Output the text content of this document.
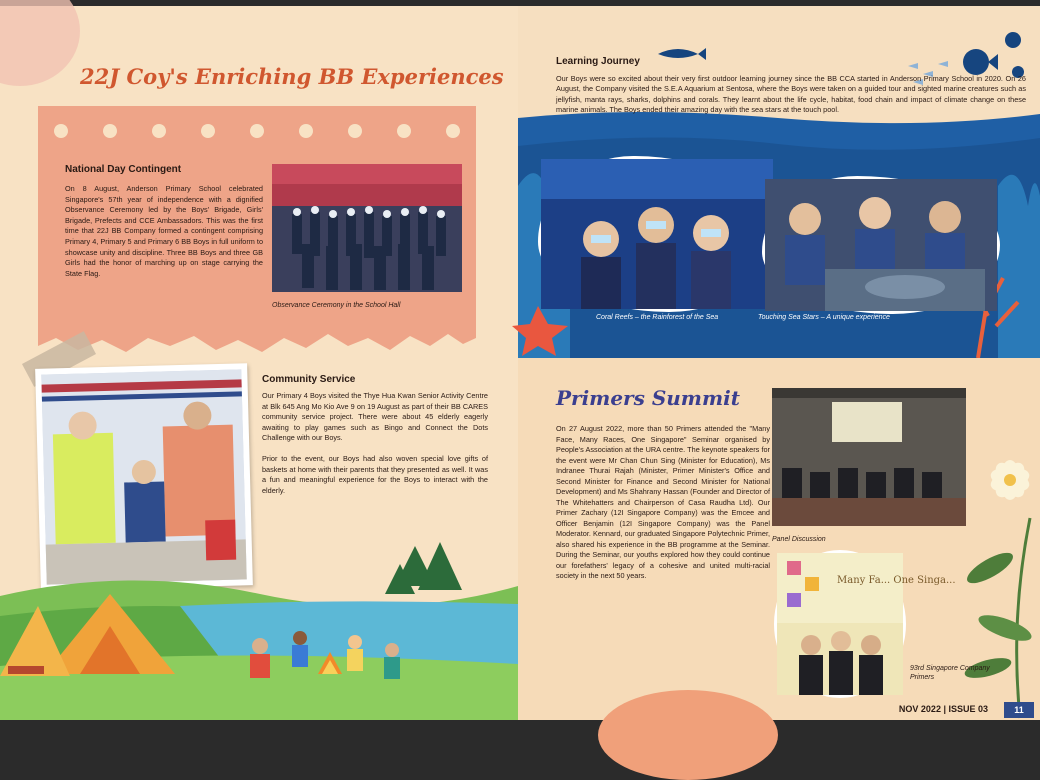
22J Coy's Enriching BB Experiences
National Day Contingent
On 8 August, Anderson Primary School celebrated Singapore's 57th year of independence with a dignified Observance Ceremony led by the Boys' Brigade, Girls' Brigade, Prefects and CCE Ambassadors. This was the first time that 22J BB Company formed a contingent comprising Primary 4, Primary 5 and Primary 6 BB Boys in full uniform to showcase unity and discipline. Three BB Boys and three GB Girls had the honor of marching up on stage carrying the State Flag.
Observance Ceremony in the School Hall
Community Service

Our Primary 4 Boys visited the Thye Hua Kwan Senior Activity Centre at Blk 645 Ang Mo Kio Ave 9 on 19 August as part of their BB CARES community service project. There were about 45 elderly eagerly awaiting to play games such as Bingo and Connect the Dots Challenge with our Boys.

Prior to the event, our Boys had also woven special love gifts of baskets at home with their parents that they presented as well. It was a fun and meaningful experience for the Boys to interact with the elderly.

Learning Journey
Our Boys were so excited about their very first outdoor learning journey since the BB CCA started in Anderson Primary School in 2020. On 26 August, the Company visited the S.E.A Aquarium at Sentosa, where the Boys were taken on a guided tour and sighted marine creatures such as jellyfish, manta rays, sharks, dolphins and corals. They learnt about the life cycle, habitat, food chain and impact of climate change on these marine animals. The Boys ended their amazing day with the sea stars at the touch pool.
Coral Reefs – the Rainforest of the Sea	Touching Sea Stars – A unique experience
Primers Summit
On 27 August 2022, more than 50 Primers attended the "Many Face, Many Races, One Singapore" Seminar organised by People's Association at the URA centre. The keynote speakers for the event were Mr Chan Chun Sing (Minister for Education), Ms Indranee Thurai Rajah (Minister, Primer Minister's Office and Second Minister for Finance and Second Minister for National Development) and Ms Shahrany Hassan (Founder and Director of The Whitehatters and Chairperson of Casa Raudha Ltd). Our Primer Zachary (12I Singapore Company) was the Emcee and Officer Benjamin (12I Singapore Company) was the Panel Moderator. Kennard, our graduated Singapore Polytechnic Primer, also shared his experience in the BB programme at the Seminar. During the Seminar, our youths explored how they could continue our forefathers' legacy of a cohesive and united multi-racial society in the next 50 years.
Panel Discussion
Many Fa... One Singa...
93rd Singapore Company Primers
NOV 2022 | ISSUE 03	11
